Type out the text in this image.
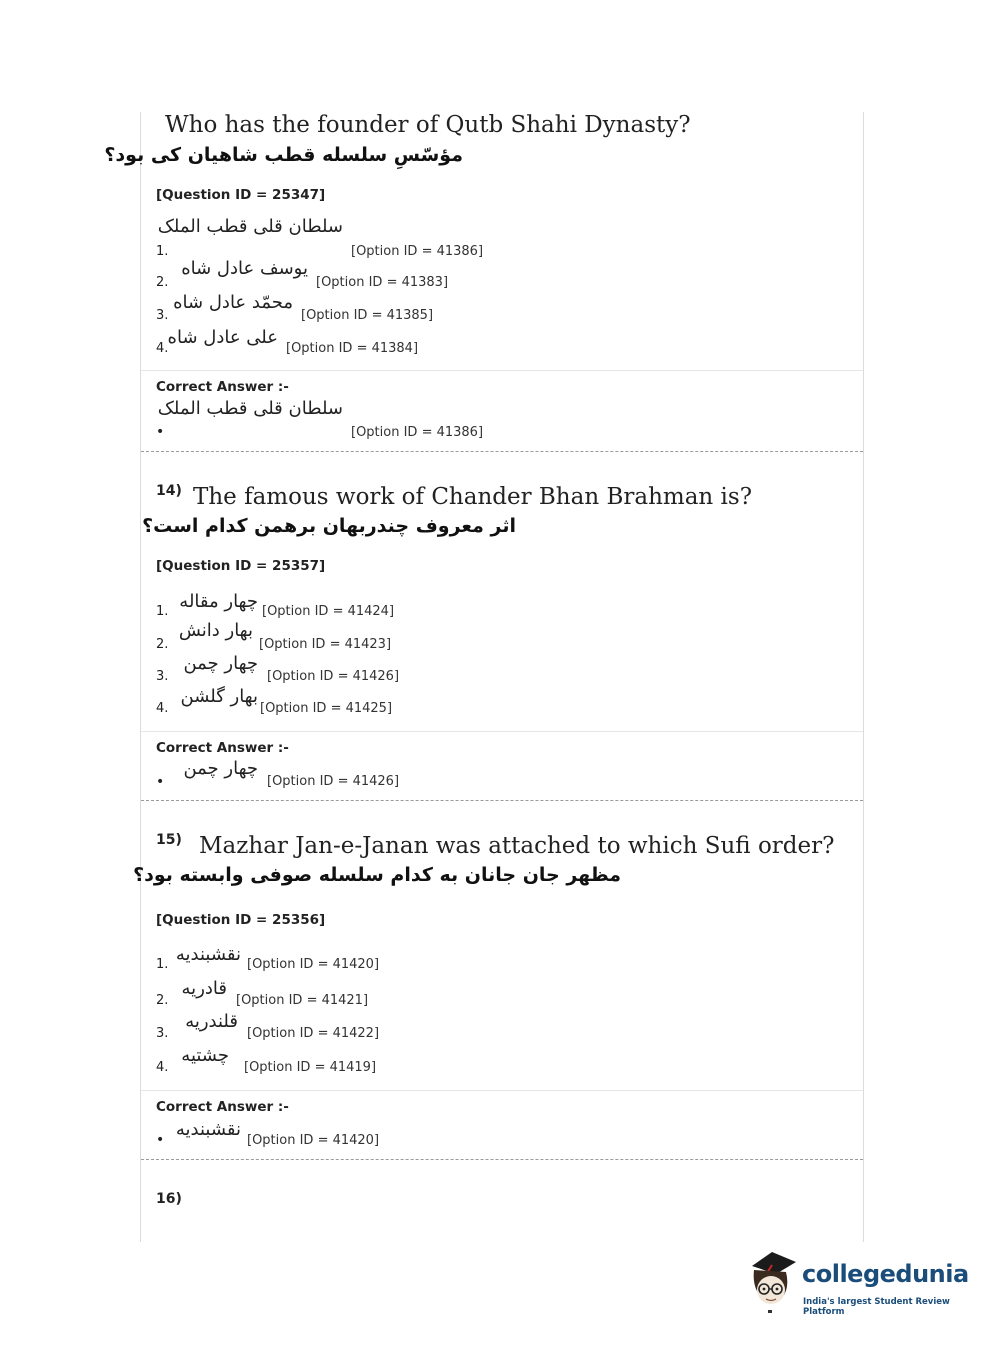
Who has the founder of Qutb Shahi Dynasty?
مؤسّسِ سلسله قطب شاهیان کی بود؟
[Question ID = 25347]
سلطان قلی قطب الملک
1.	[Option ID = 41386]
2.
یوسف عادل شاه
[Option ID = 41383]
3.
محمّد عادل شاه
[Option ID = 41385]
4.
علی عادل شاه
[Option ID = 41384]
Correct Answer :-
سلطان قلی قطب الملک
•	[Option ID = 41386]
14) The famous work of Chander Bhan Brahman is?
اثر معروف چندربهان برهمن کدام است؟
[Question ID = 25357]
1. چهار مقاله [Option ID = 41424]
2.
بهار دانش
[Option ID = 41423]
3.
چهار چمن
[Option ID = 41426]
4.
بهار گلشن
[Option ID = 41425]
Correct Answer :-
•
چهار چمن
[Option ID = 41426]
15) Mazhar Jan-e-Janan was attached to which Sufi order?
مظهر جان جانان به کدام سلسله صوفی وابسته بود؟
[Question ID = 25356]
1. نقشبندیه [Option ID = 41420]
2.
قادریه
[Option ID = 41421]
3.
قلندریه
[Option ID = 41422]
4.
چشتیه
[Option ID = 41419]
Correct Answer :-
• نقشبندیه
[Option ID = 41420]
16)
collegedunia
India's largest Student Review Platform
